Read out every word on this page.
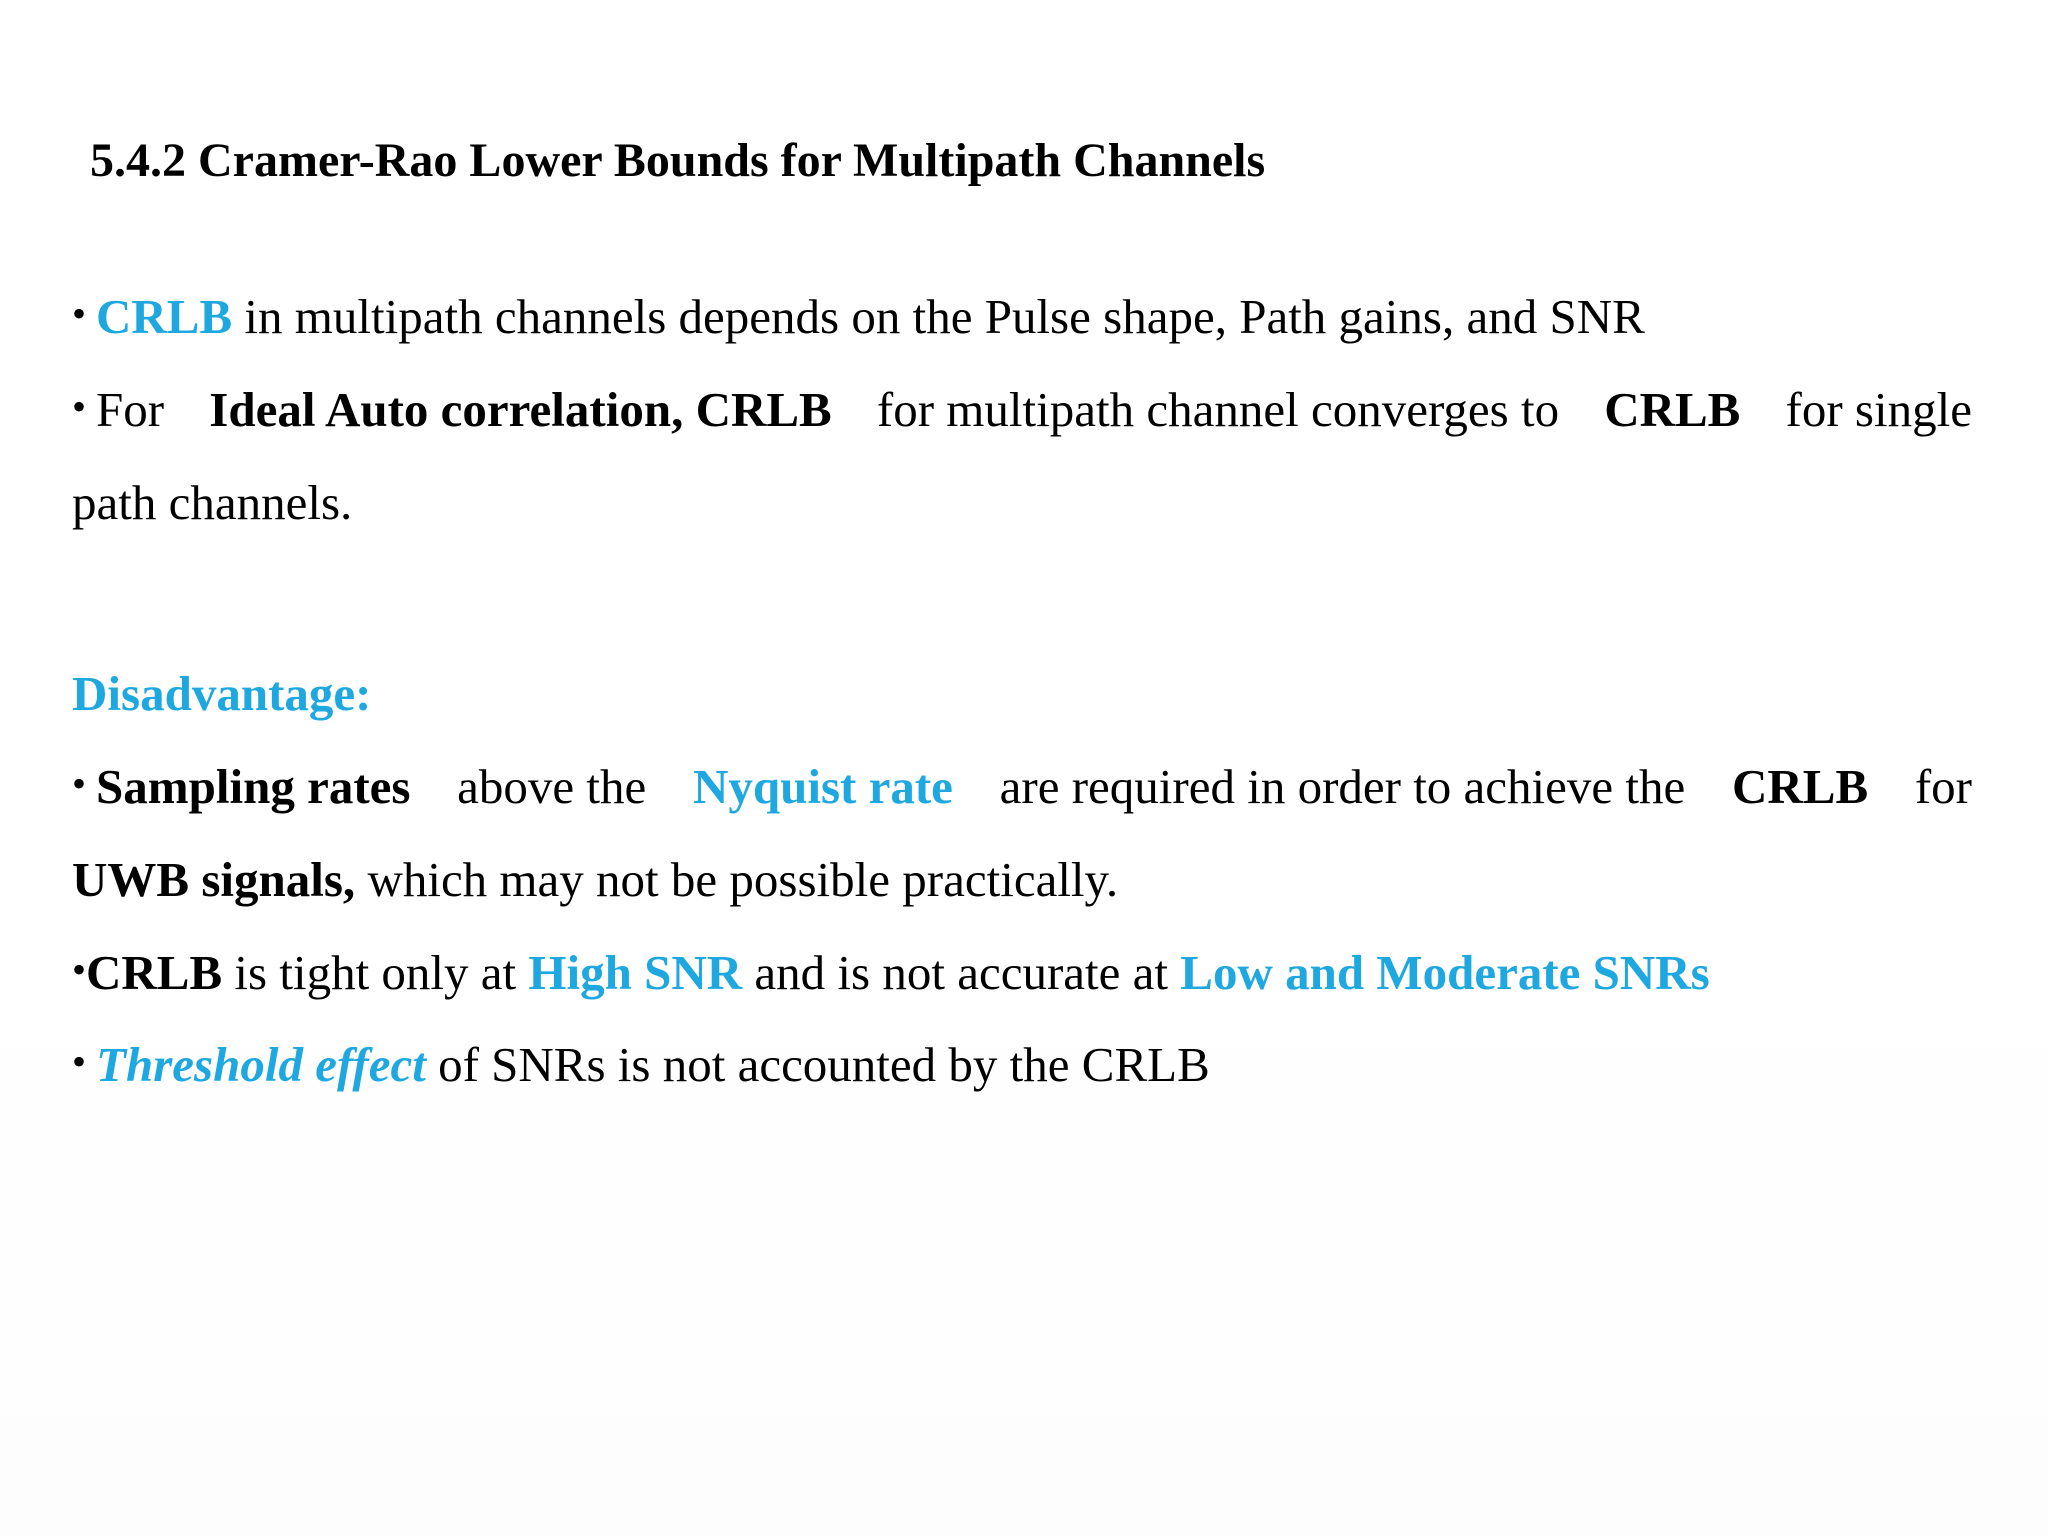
5.4.2 Cramer-Rao Lower Bounds for Multipath Channels
• CRLB in multipath channels depends on the Pulse shape, Path gains, and SNR
• For Ideal Auto correlation, CRLB for multipath channel converges to CRLB for single
path channels.
Disadvantage:
• Sampling rates above the Nyquist rate are required in order to achieve the CRLB for
UWB signals, which may not be possible practically.
•CRLB is tight only at High SNR and is not accurate at Low and Moderate SNRs
• Threshold effect of SNRs is not accounted by the CRLB
